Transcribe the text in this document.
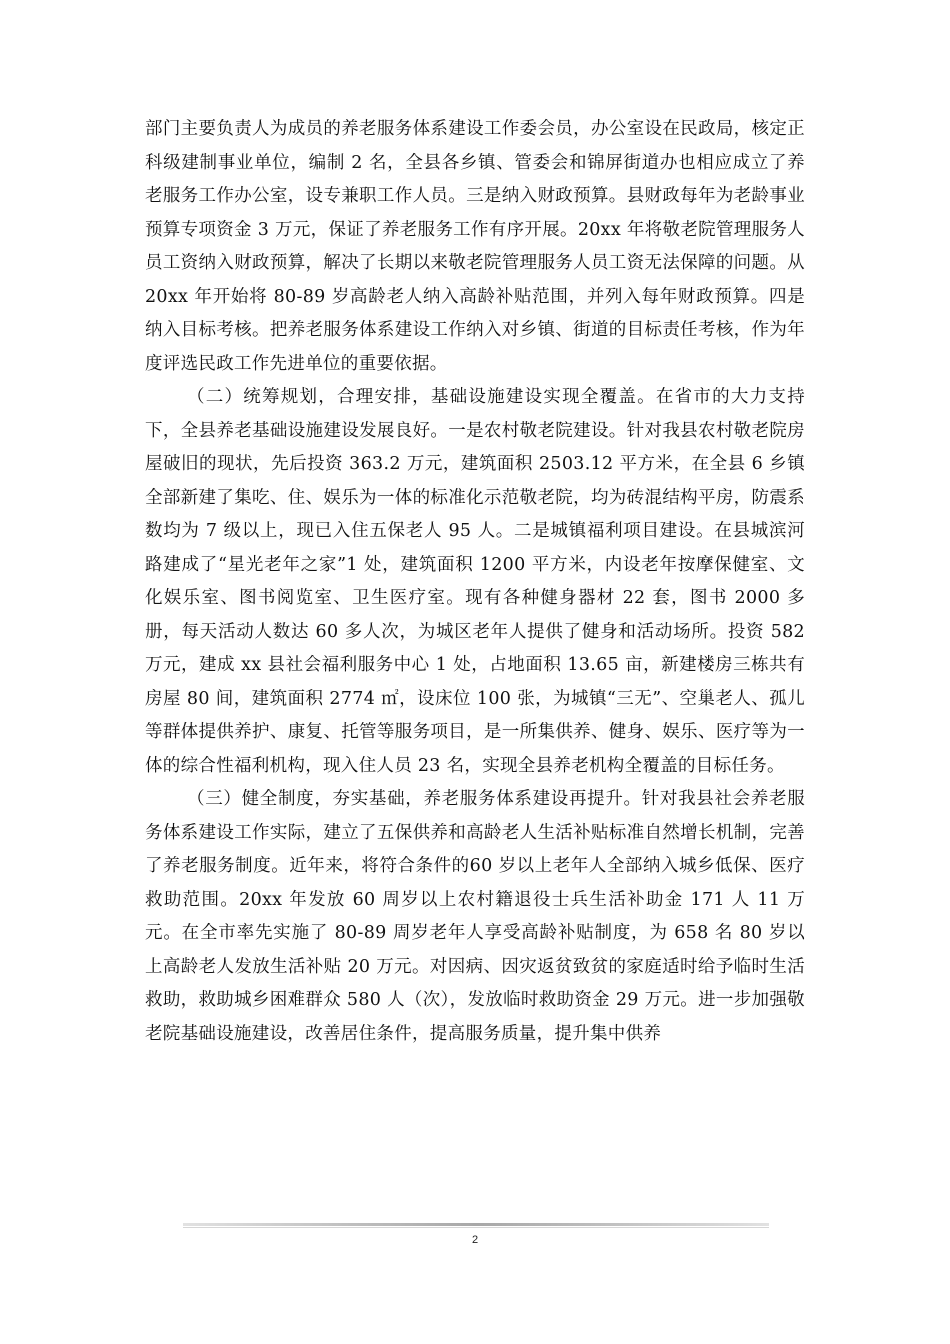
部门主要负责人为成员的养老服务体系建设工作委会员，办公室设在民政局，核定正科级建制事业单位，编制 2 名，全县各乡镇、管委会和锦屏街道办也相应成立了养老服务工作办公室，设专兼职工作人员。三是纳入财政预算。县财政每年为老龄事业预算专项资金 3 万元，保证了养老服务工作有序开展。20xx 年将敬老院管理服务人员工资纳入财政预算，解决了长期以来敬老院管理服务人员工资无法保障的问题。从 20xx 年开始将 80-89 岁高龄老人纳入高龄补贴范围，并列入每年财政预算。四是纳入目标考核。把养老服务体系建设工作纳入对乡镇、街道的目标责任考核，作为年度评选民政工作先进单位的重要依据。

（二）统筹规划，合理安排，基础设施建设实现全覆盖。在省市的大力支持下，全县养老基础设施建设发展良好。一是农村敬老院建设。针对我县农村敬老院房屋破旧的现状，先后投资 363.2 万元，建筑面积 2503.12 平方米，在全县 6 乡镇全部新建了集吃、住、娱乐为一体的标准化示范敬老院，均为砖混结构平房，防震系数均为 7 级以上，现已入住五保老人 95 人。二是城镇福利项目建设。在县城滨河路建成了“星光老年之家”1 处，建筑面积 1200 平方米，内设老年按摩保健室、文化娱乐室、图书阅览室、卫生医疗室。现有各种健身器材 22 套，图书 2000 多册，每天活动人数达 60 多人次，为城区老年人提供了健身和活动场所。投资 582 万元，建成 xx 县社会福利服务中心 1 处，占地面积 13.65 亩，新建楼房三栋共有房屋 80 间，建筑面积 2774 ㎡，设床位 100 张，为城镇“三无”、空巢老人、孤儿等群体提供养护、康复、托管等服务项目，是一所集供养、健身、娱乐、医疗等为一体的综合性福利机构，现入住人员 23 名，实现全县养老机构全覆盖的目标任务。

（三）健全制度，夯实基础，养老服务体系建设再提升。针对我县社会养老服务体系建设工作实际，建立了五保供养和高龄老人生活补贴标准自然增长机制，完善了养老服务制度。近年来，将符合条件的60 岁以上老年人全部纳入城乡低保、医疗救助范围。20xx 年发放 60 周岁以上农村籍退役士兵生活补助金 171 人 11 万元。在全市率先实施了 80-89 周岁老年人享受高龄补贴制度，为 658 名 80 岁以上高龄老人发放生活补贴 20 万元。对因病、因灾返贫致贫的家庭适时给予临时生活救助，救助城乡困难群众 580 人（次），发放临时救助资金 29 万元。进一步加强敬老院基础设施建设，改善居住条件，提高服务质量，提升集中供养

2
